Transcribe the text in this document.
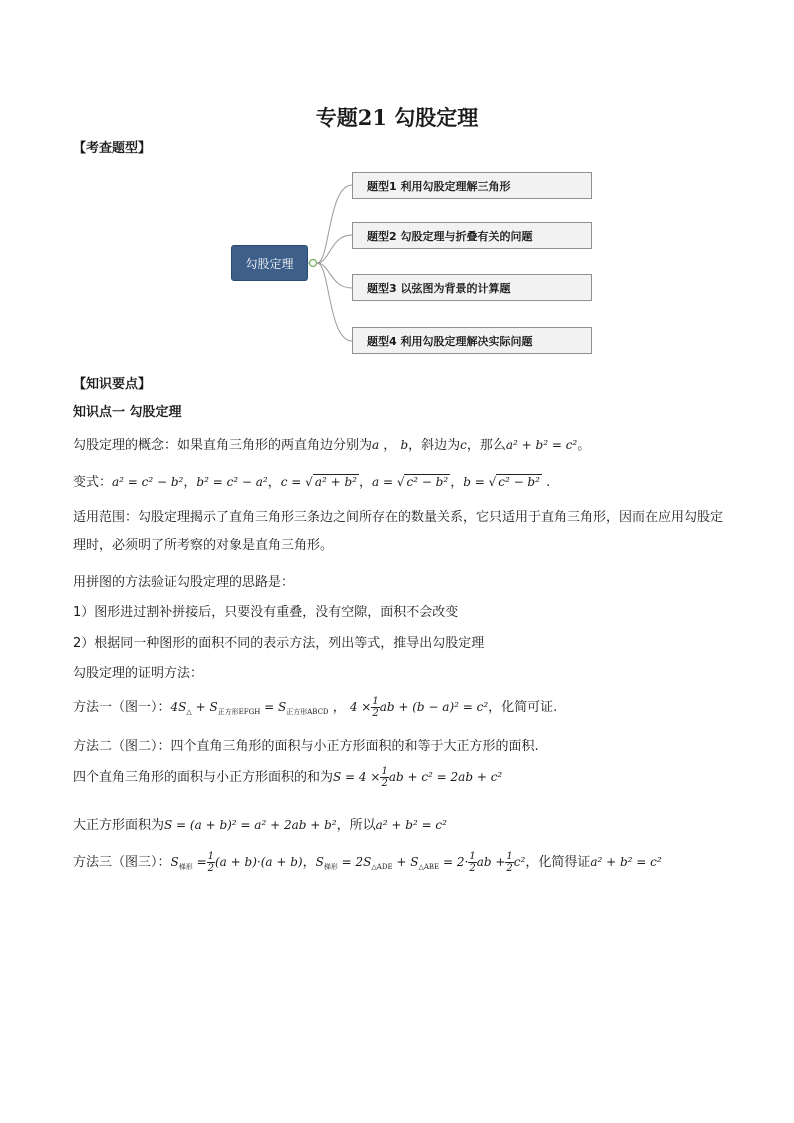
专题21 勾股定理
【考查题型】
勾股定理
题型1 利用勾股定理解三角形
题型2 勾股定理与折叠有关的问题
题型3 以弦图为背景的计算题
题型4 利用勾股定理解决实际问题
【知识要点】
知识点一 勾股定理
勾股定理的概念：如果直角三角形的两直角边分别为a ， b，斜边为c，那么a² + b² = c²。
变式：a² = c² − b²，b² = c² − a²，c = √ a² + b² ，a = √ c² − b² ，b = √ c² − b² .
适用范围：勾股定理揭示了直角三角形三条边之间所存在的数量关系，它只适用于直角三角形，因而在应用勾股定理时，必须明了所考察的对象是直角三角形。
用拼图的方法验证勾股定理的思路是：
1）图形进过割补拼接后，只要没有重叠，没有空隙，面积不会改变
2）根据同一种图形的面积不同的表示方法，列出等式，推导出勾股定理
勾股定理的证明方法：
方法一（图一）：$4S_\triangle + S_{正方形EFGH} = S_{正方形ABCD}$ ， $4 \times \frac{1}{2}$ ab + (b − a)² = c²，化简可证.
方法二（图二）：四个直角三角形的面积与小正方形面积的和等于大正方形的面积.
四个直角三角形的面积与小正方形面积的和为$S = 4 \times \frac{1}{2}$ ab + c² = 2ab + c²
大正方形面积为S = (a + b)² = a² + 2ab + b²，所以a² + b² = c²
方法三（图三）：$S_{梯形} = \frac{1}{2} (a + b)\cdot(a + b)$，$S_{梯形} = 2S_{\triangle ADE} + S_{\triangle ABE} = 2\cdot \frac{1}{2}$ ab + $\frac{1}{2} c^2$，化简得证a² + b² = c²
